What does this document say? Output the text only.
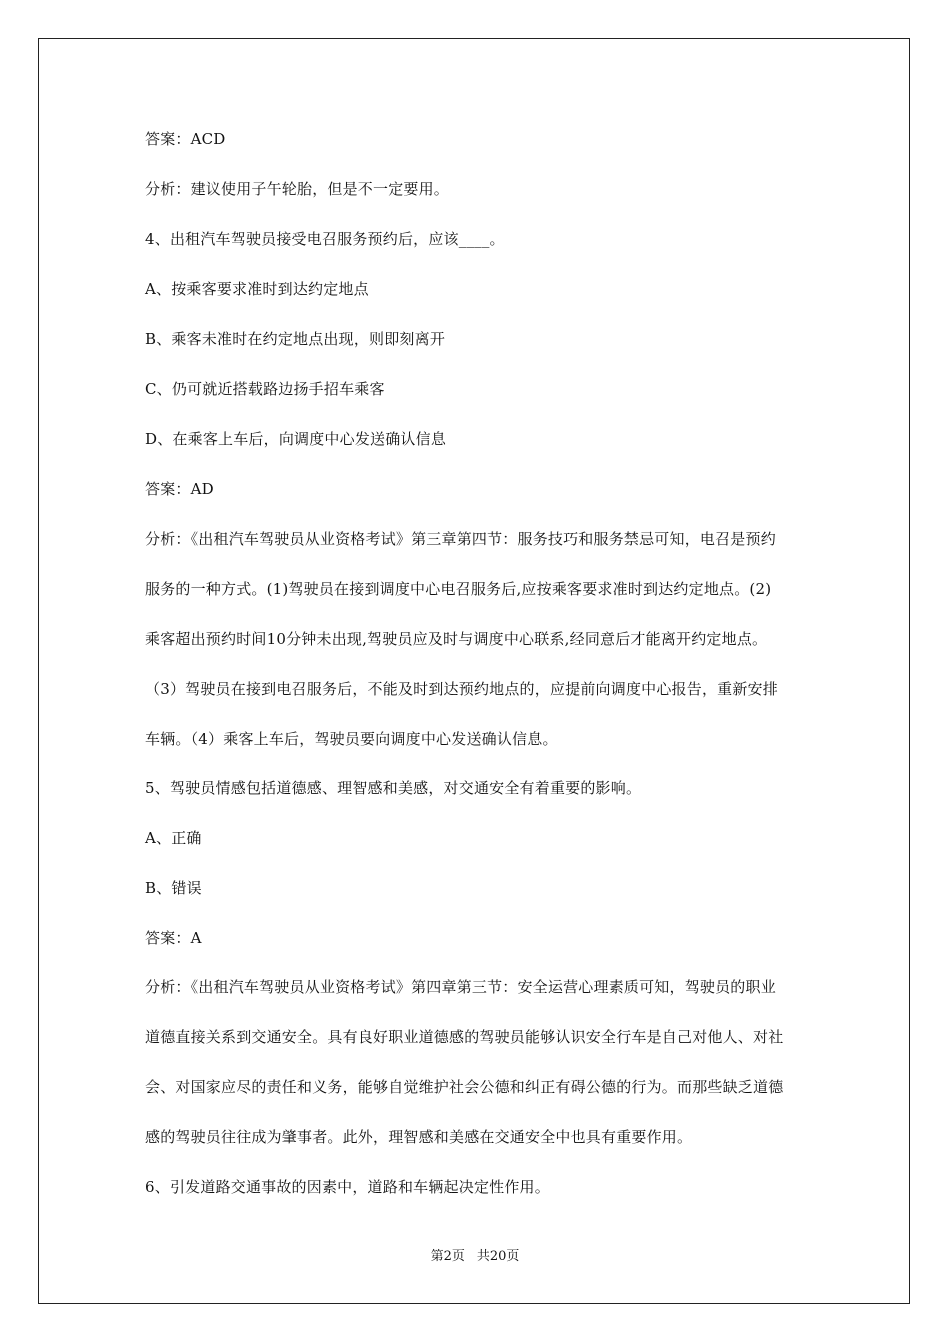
答案：ACD
分析：建议使用子午轮胎，但是不一定要用。
4、出租汽车驾驶员接受电召服务预约后，应该____。
A、按乘客要求准时到达约定地点
B、乘客未准时在约定地点出现，则即刻离开
C、仍可就近搭载路边扬手招车乘客
D、在乘客上车后，向调度中心发送确认信息
答案：AD
分析：《出租汽车驾驶员从业资格考试》第三章第四节：服务技巧和服务禁忌可知，电召是预约
服务的一种方式。(1)驾驶员在接到调度中心电召服务后,应按乘客要求准时到达约定地点。(2)
乘客超出预约时间10分钟未出现,驾驶员应及时与调度中心联系,经同意后才能离开约定地点。
（3）驾驶员在接到电召服务后，不能及时到达预约地点的，应提前向调度中心报告，重新安排
车辆。（4）乘客上车后，驾驶员要向调度中心发送确认信息。
5、驾驶员情感包括道德感、理智感和美感，对交通安全有着重要的影响。
A、正确
B、错误
答案：A
分析：《出租汽车驾驶员从业资格考试》第四章第三节：安全运营心理素质可知，驾驶员的职业
道德直接关系到交通安全。具有良好职业道德感的驾驶员能够认识安全行车是自己对他人、对社
会、对国家应尽的责任和义务，能够自觉维护社会公德和纠正有碍公德的行为。而那些缺乏道德
感的驾驶员往往成为肇事者。此外，理智感和美感在交通安全中也具有重要作用。
6、引发道路交通事故的因素中，道路和车辆起决定性作用。
第2页 共20页
